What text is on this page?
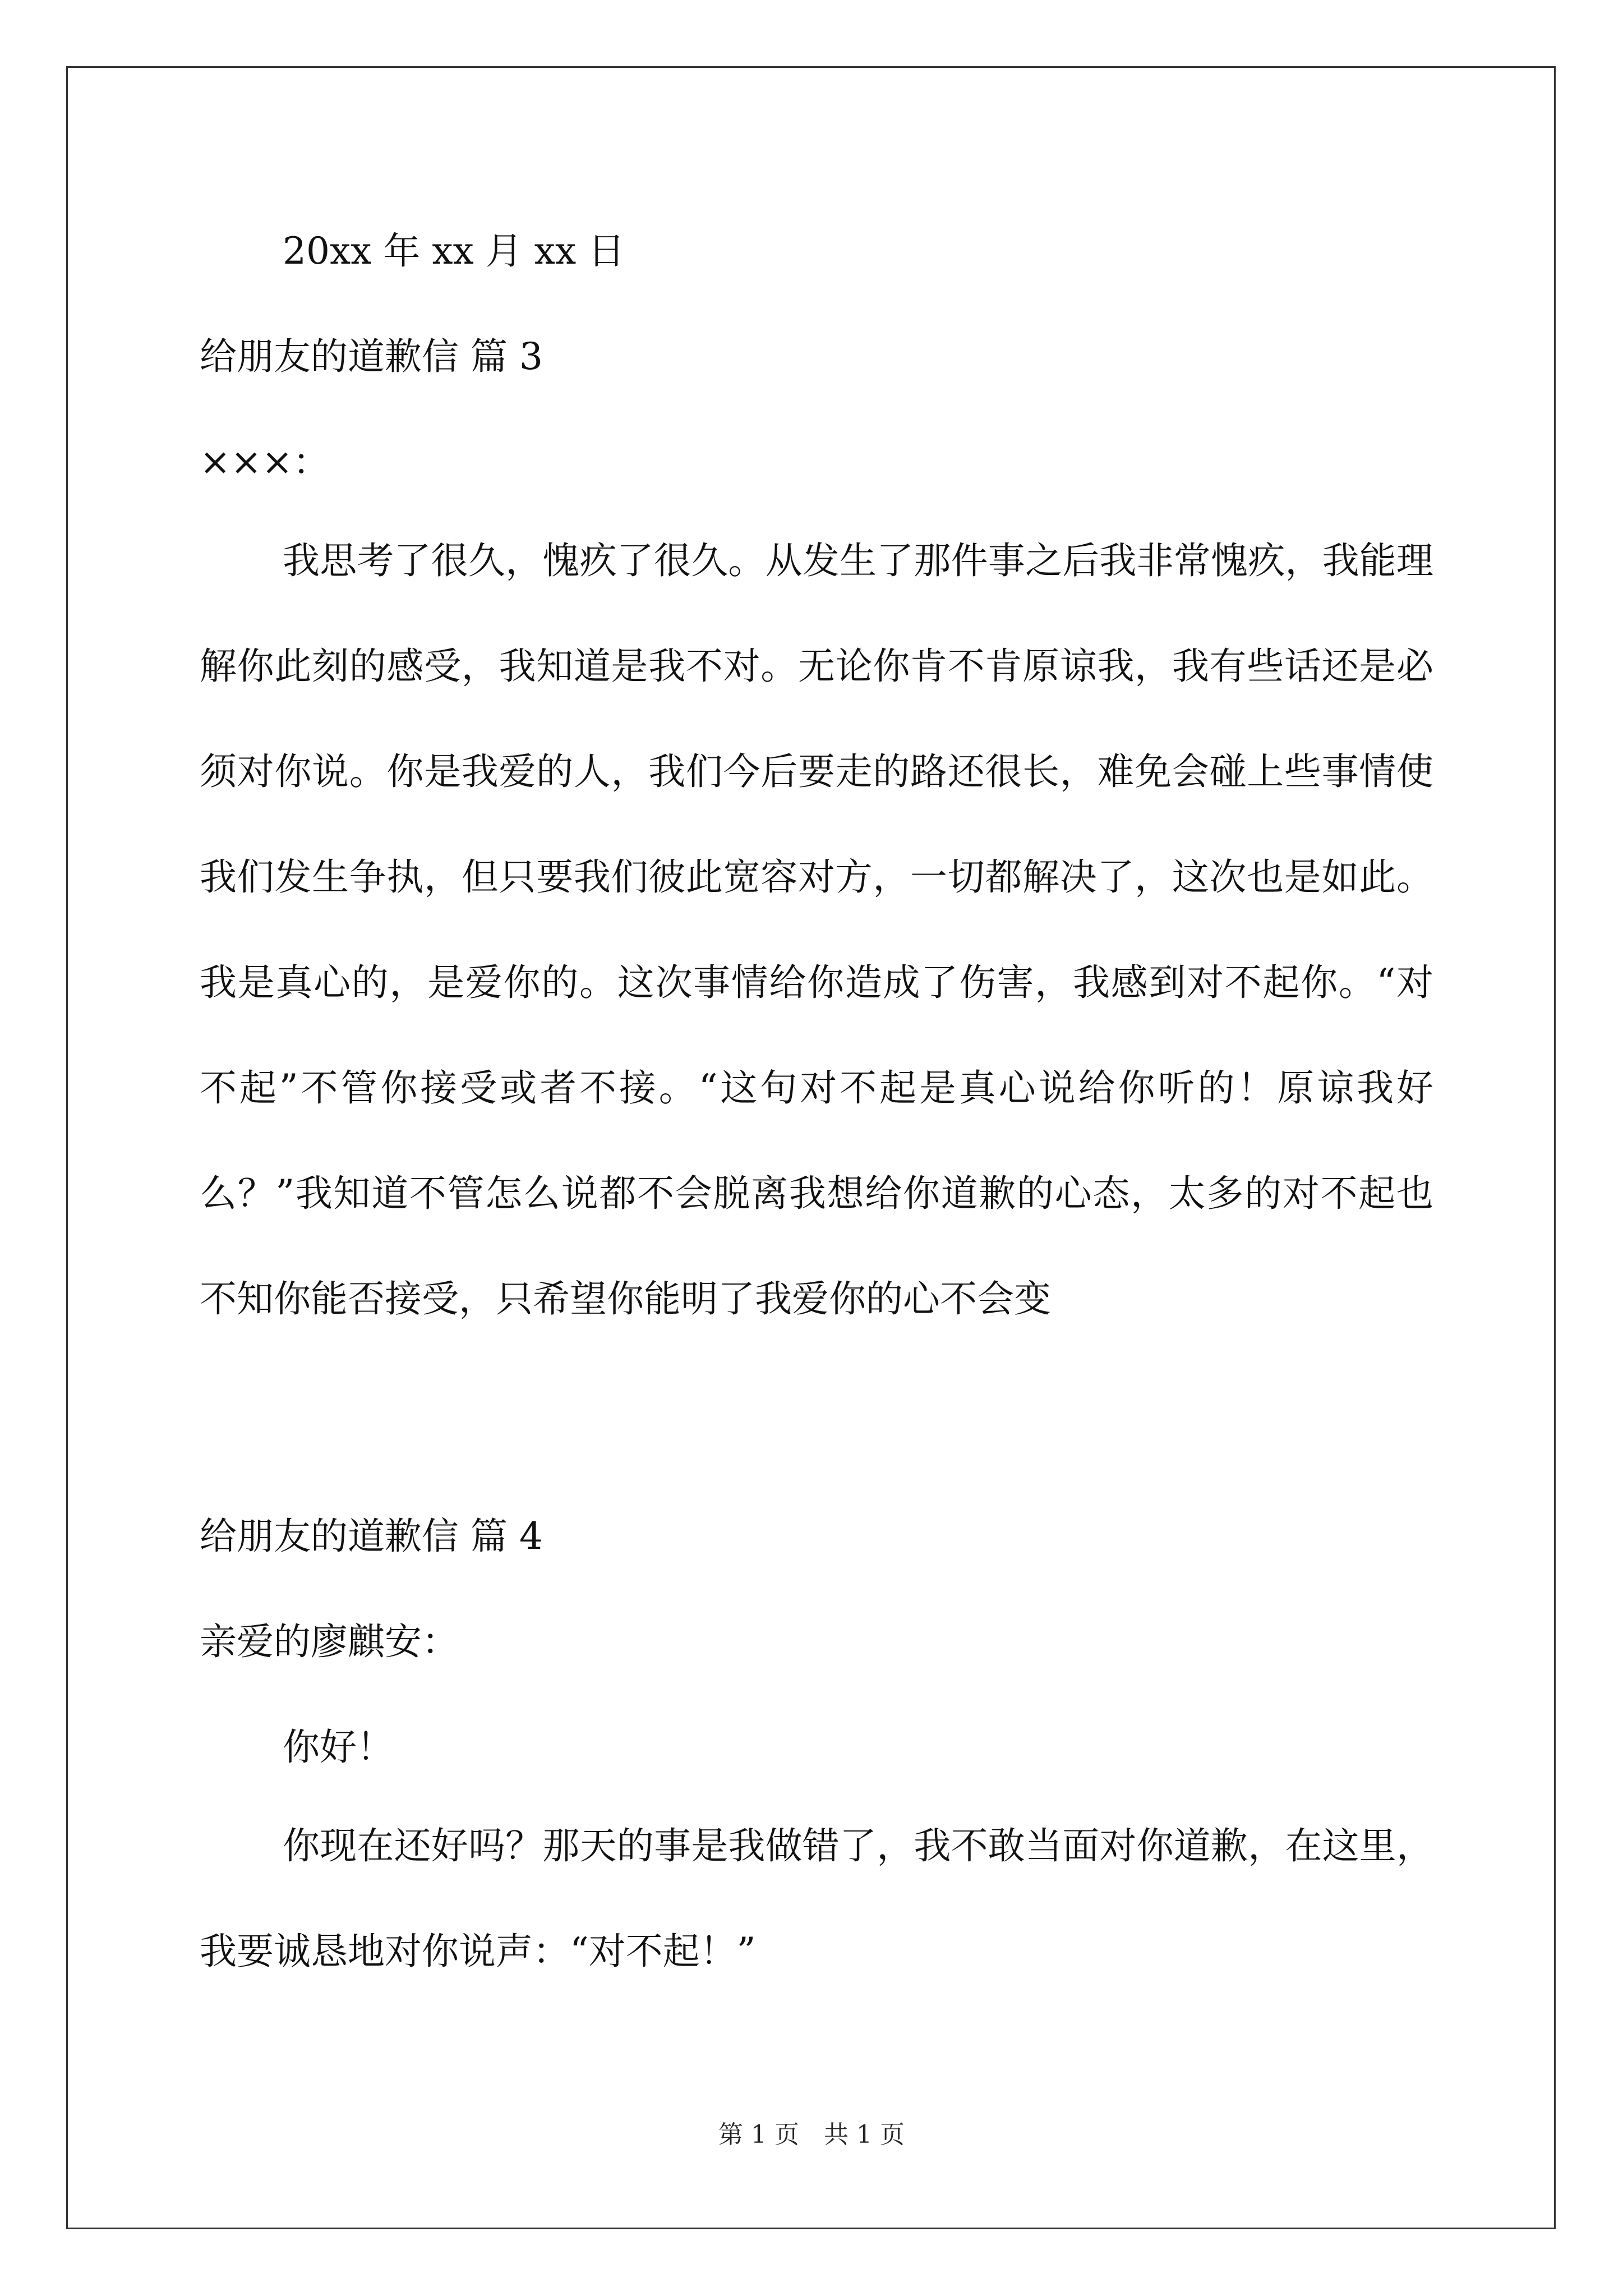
20xx 年 xx 月 xx 日

给朋友的道歉信 篇 3

×××：

我思考了很久，愧疚了很久。从发生了那件事之后我非常愧疚，我能理解你此刻的感受，我知道是我不对。无论你肯不肯原谅我，我有些话还是必须对你说。你是我爱的人，我们今后要走的路还很长，难免会碰上些事情使我们发生争执，但只要我们彼此宽容对方，一切都解决了，这次也是如此。我是真心的，是爱你的。这次事情给你造成了伤害，我感到对不起你。“对不起”不管你接受或者不接。“这句对不起是真心说给你听的！原谅我好么？”我知道不管怎么说都不会脱离我想给你道歉的心态，太多的对不起也不知你能否接受，只希望你能明了我爱你的心不会变

给朋友的道歉信 篇 4

亲爱的廖麒安：

你好！

你现在还好吗？那天的事是我做错了，我不敢当面对你道歉，在这里，我要诚恳地对你说声：“对不起！”

第 1 页　共 1 页
